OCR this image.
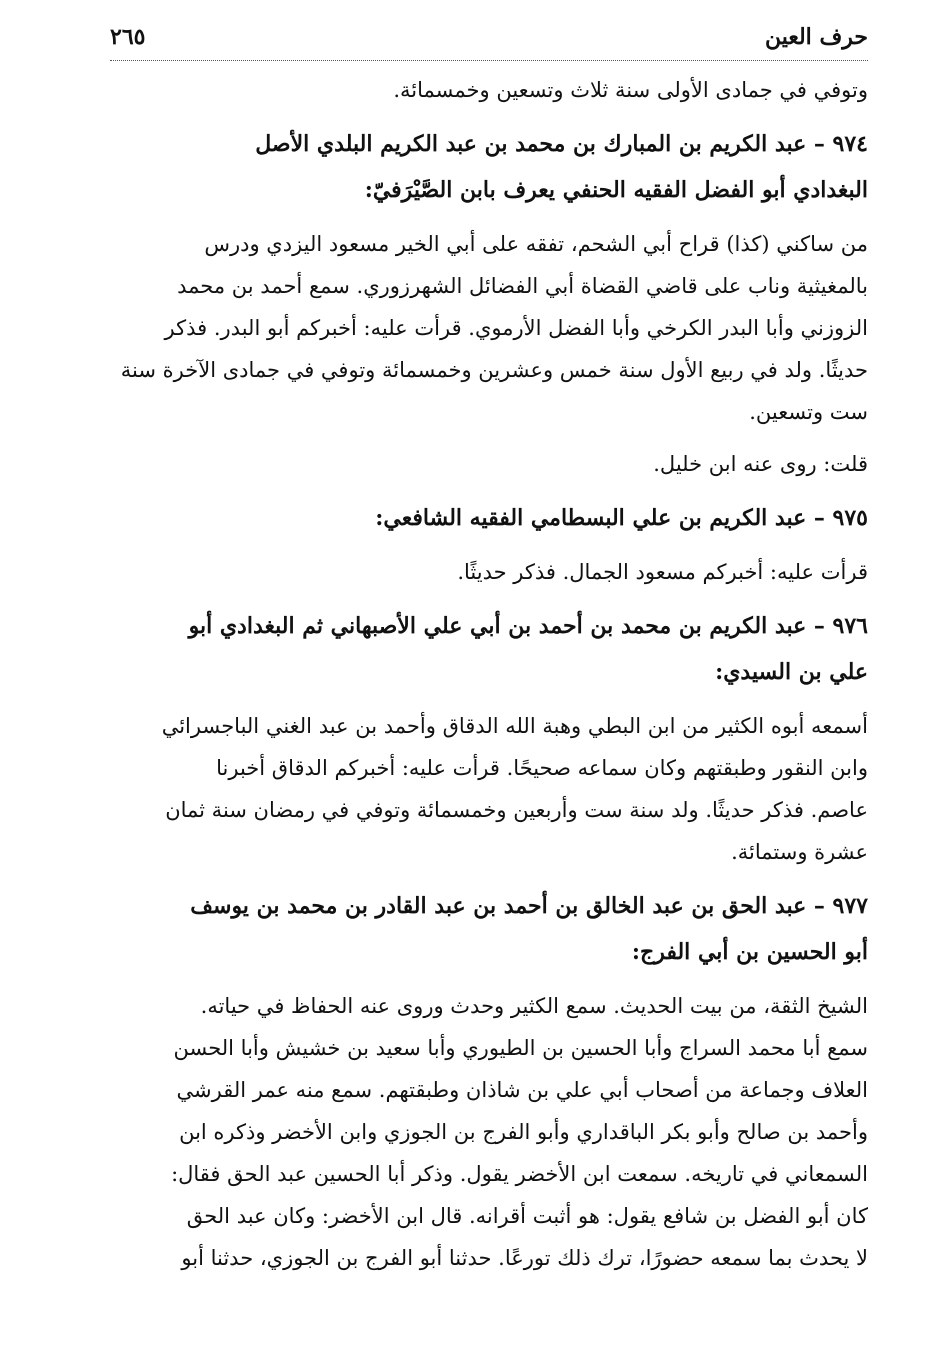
حرف العين
٢٦٥
وتوفي في جمادى الأولى سنة ثلاث وتسعين وخمسمائة.
٩٧٤ – عبد الكريم بن المبارك بن محمد بن عبد الكريم البلدي الأصل
البغدادي أبو الفضل الفقيه الحنفي يعرف بابن الصَّيْرَفيّ:
من ساكني (كذا) قراح أبي الشحم، تفقه على أبي الخير مسعود اليزدي ودرس
بالمغيثية وناب على قاضي القضاة أبي الفضائل الشهرزوري. سمع أحمد بن محمد
الزوزني وأبا البدر الكرخي وأبا الفضل الأرموي. قرأت عليه: أخبركم أبو البدر. فذكر
حديثًا. ولد في ربيع الأول سنة خمس وعشرين وخمسمائة وتوفي في جمادى الآخرة سنة
ست وتسعين.
قلت: روى عنه ابن خليل.
٩٧٥ – عبد الكريم بن علي البسطامي الفقيه الشافعي:
قرأت عليه: أخبركم مسعود الجمال. فذكر حديثًا.
٩٧٦ – عبد الكريم بن محمد بن أحمد بن أبي علي الأصبهاني ثم البغدادي أبو
علي بن السيدي:
أسمعه أبوه الكثير من ابن البطي وهبة الله الدقاق وأحمد بن عبد الغني الباجسرائي
وابن النقور وطبقتهم وكان سماعه صحيحًا. قرأت عليه: أخبركم الدقاق أخبرنا
عاصم. فذكر حديثًا. ولد سنة ست وأربعين وخمسمائة وتوفي في رمضان سنة ثمان
عشرة وستمائة.
٩٧٧ – عبد الحق بن عبد الخالق بن أحمد بن عبد القادر بن محمد بن يوسف
أبو الحسين بن أبي الفرج:
الشيخ الثقة، من بيت الحديث. سمع الكثير وحدث وروى عنه الحفاظ في حياته.
سمع أبا محمد السراج وأبا الحسين بن الطيوري وأبا سعيد بن خشيش وأبا الحسن
العلاف وجماعة من أصحاب أبي علي بن شاذان وطبقتهم. سمع منه عمر القرشي
وأحمد بن صالح وأبو بكر الباقداري وأبو الفرج بن الجوزي وابن الأخضر وذكره ابن
السمعاني في تاريخه. سمعت ابن الأخضر يقول. وذكر أبا الحسين عبد الحق فقال:
كان أبو الفضل بن شافع يقول: هو أثبت أقرانه. قال ابن الأخضر: وكان عبد الحق
لا يحدث بما سمعه حضورًا، ترك ذلك تورعًا. حدثنا أبو الفرج بن الجوزي، حدثنا أبو
